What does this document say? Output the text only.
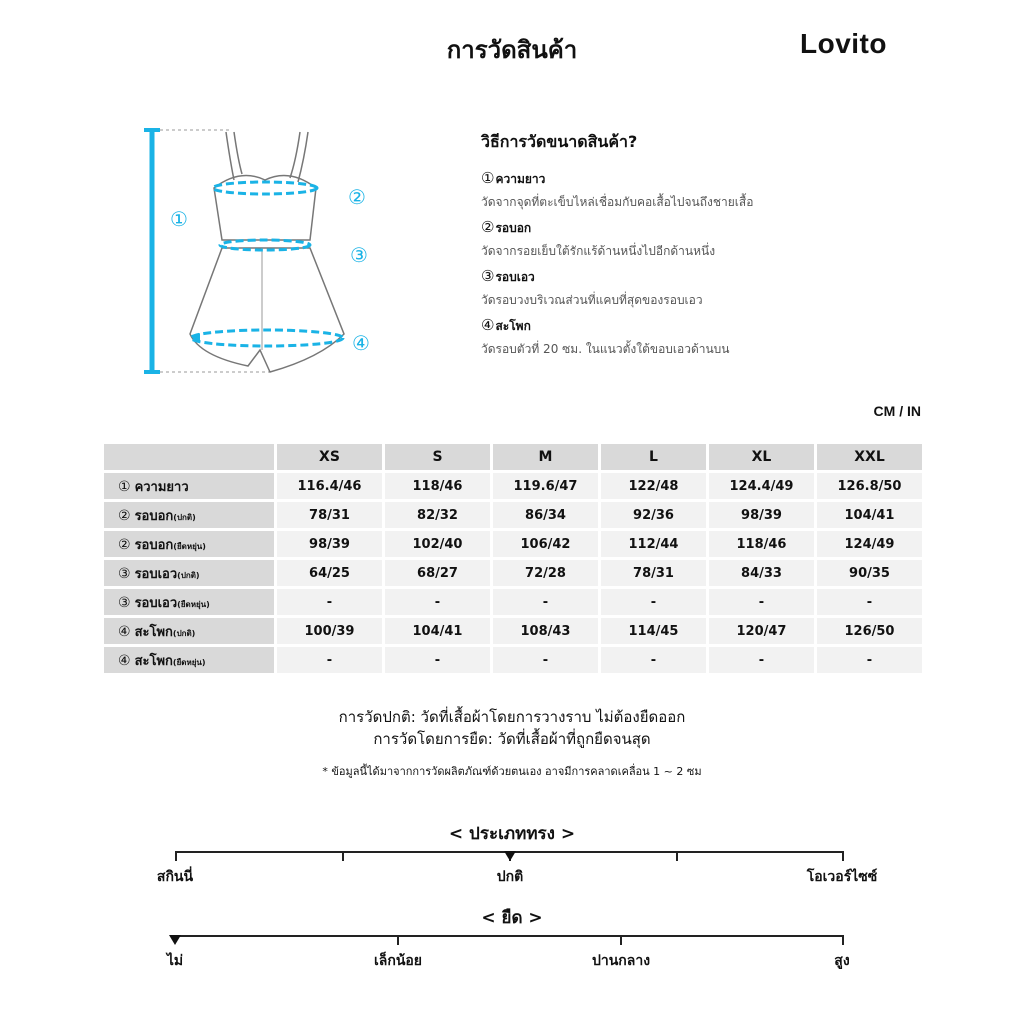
การวัดสินค้า	Lovito
①
②
③
④
วิธีการวัดขนาดสินค้า?
①ความยาว
วัดจากจุดที่ตะเข็บไหล่เชื่อมกับคอเสื้อไปจนถึงชายเสื้อ
②รอบอก
วัดจากรอยเย็บใต้รักแร้ด้านหนึ่งไปอีกด้านหนึ่ง
③รอบเอว
วัดรอบวงบริเวณส่วนที่แคบที่สุดของรอบเอว
④สะโพก
วัดรอบตัวที่ 20 ซม. ในแนวตั้งใต้ขอบเอวด้านบน
CM / IN
	XS	S	M	L	XL	XXL
① ความยาว	116.4/46	118/46	119.6/47	122/48	124.4/49	126.8/50
② รอบอก(ปกติ)	78/31	82/32	86/34	92/36	98/39	104/41
② รอบอก(ยืดหยุ่น)	98/39	102/40	106/42	112/44	118/46	124/49
③ รอบเอว(ปกติ)	64/25	68/27	72/28	78/31	84/33	90/35
③ รอบเอว(ยืดหยุ่น)	-	-	-	-	-	-
④ สะโพก(ปกติ)	100/39	104/41	108/43	114/45	120/47	126/50
④ สะโพก(ยืดหยุ่น)	-	-	-	-	-	-
การวัดปกติ: วัดที่เสื้อผ้าโดยการวางราบ ไม่ต้องยืดออก
การวัดโดยการยืด: วัดที่เสื้อผ้าที่ถูกยืดจนสุด
* ข้อมูลนี้ได้มาจากการวัดผลิตภัณฑ์ด้วยตนเอง อาจมีการคลาดเคลื่อน 1 ~ 2 ซม
< ประเภททรง >
สกินนี่	ปกติ	โอเวอร์ไซซ์
< ยืด >
ไม่	เล็กน้อย	ปานกลาง	สูง
